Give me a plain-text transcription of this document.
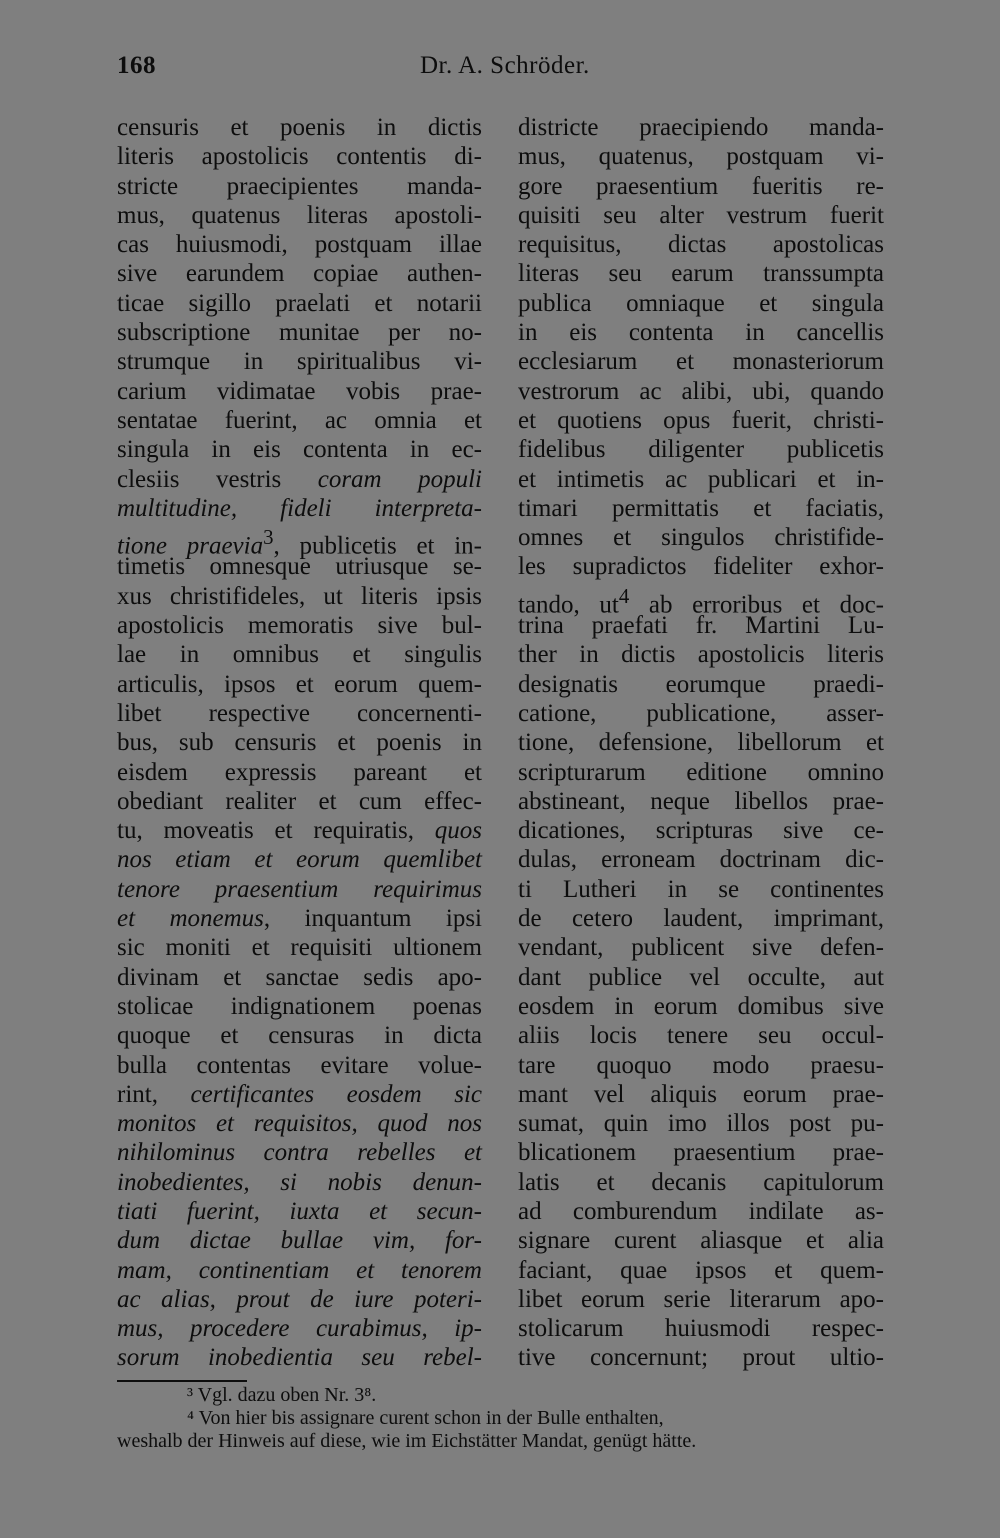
168	Dr. A. Schröder.
censuris et poenis in dictis
literis apostolicis contentis di-
stricte praecipientes manda-
mus, quatenus literas apostoli-
cas huiusmodi, postquam illae
sive earundem copiae authen-
ticae sigillo praelati et notarii
subscriptione munitae per no-
strumque in spiritualibus vi-
carium vidimatae vobis prae-
sentatae fuerint, ac omnia et
singula in eis contenta in ec-
clesiis vestris coram populi
multitudine, fideli interpreta-
tione praevia$^3$, publicetis et in-
timetis omnesque utriusque se-
xus christifideles, ut literis ipsis
apostolicis memoratis sive bul-
lae in omnibus et singulis
articulis, ipsos et eorum quem-
libet respective concernenti-
bus, sub censuris et poenis in
eisdem expressis pareant et
obediant realiter et cum effec-
tu, moveatis et requiratis, quos
nos etiam et eorum quemlibet
tenore praesentium requirimus
et monemus, inquantum ipsi
sic moniti et requisiti ultionem
divinam et sanctae sedis apo-
stolicae indignationem poenas
quoque et censuras in dicta
bulla contentas evitare volue-
rint, certificantes eosdem sic
monitos et requisitos, quod nos
nihilominus contra rebelles et
inobedientes, si nobis denun-
tiati fuerint, iuxta et secun-
dum dictae bullae vim, for-
mam, continentiam et tenorem
ac alias, prout de iure poteri-
mus, procedere curabimus, ip-
sorum inobedientia seu rebel-
districte praecipiendo manda-
mus, quatenus, postquam vi-
gore praesentium fueritis re-
quisiti seu alter vestrum fuerit
requisitus, dictas apostolicas
literas seu earum transsumpta
publica omniaque et singula
in eis contenta in cancellis
ecclesiarum et monasteriorum
vestrorum ac alibi, ubi, quando
et quotiens opus fuerit, christi-
fidelibus diligenter publicetis
et intimetis ac publicari et in-
timari permittatis et faciatis,
omnes et singulos christifide-
les supradictos fideliter exhor-
tando, $ut^4$ ab erroribus et doc-
trina praefati fr. Martini Lu-
ther in dictis apostolicis literis
designatis eorumque praedi-
catione, publicatione, asser-
tione, defensione, libellorum et
scripturarum editione omnino
abstineant, neque libellos prae-
dicationes, scripturas sive ce-
dulas, erroneam doctrinam dic-
ti Lutheri in se continentes
de cetero laudent, imprimant,
vendant, publicent sive defen-
dant publice vel occulte, aut
eosdem in eorum domibus sive
aliis locis tenere seu occul-
tare quoquo modo praesu-
mant vel aliquis eorum prae-
sumat, quin imo illos post pu-
blicationem praesentium prae-
latis et decanis capitulorum
ad comburendum indilate as-
signare curent aliasque et alia
faciant, quae ipsos et quem-
libet eorum serie literarum apo-
stolicarum huiusmodi respec-
tive concernunt; prout ultio-
³ Vgl. dazu oben Nr. 3⁸.
⁴ Von hier bis assignare curent schon in der Bulle enthalten,
weshalb der Hinweis auf diese, wie im Eichstätter Mandat, genügt hätte.
